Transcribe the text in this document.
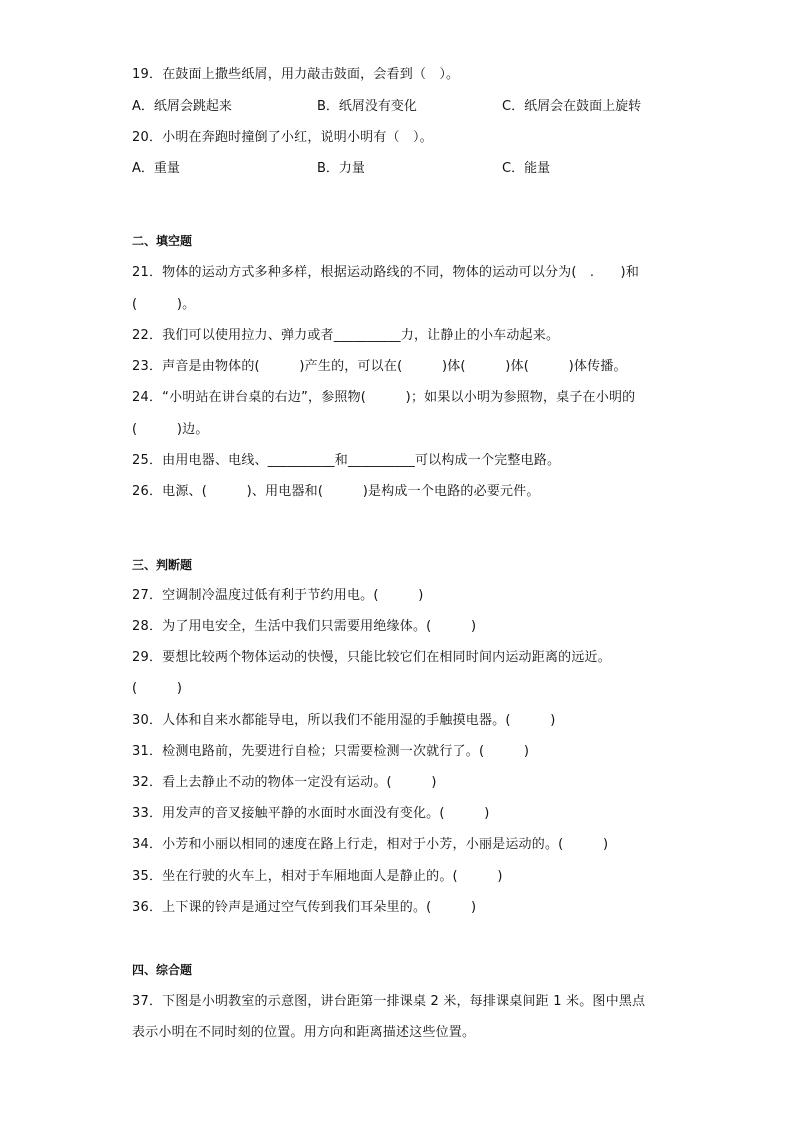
19．在鼓面上撒些纸屑，用力敲击鼓面，会看到（　）。
A．纸屑会跳起来	B．纸屑没有变化	C．纸屑会在鼓面上旋转
20．小明在奔跑时撞倒了小红，说明小明有（　）。
A．重量	B．力量	C．能量
二、填空题
21．物体的运动方式多种多样，根据运动路线的不同，物体的运动可以分为(　.　　)和
(　　　)。
22．我们可以使用拉力、弹力或者__________力，让静止的小车动起来。
23．声音是由物体的(　　　)产生的，可以在(　　　)体(　　　)体(　　　)体传播。
24．“小明站在讲台桌的右边”，参照物(　　　)；如果以小明为参照物，桌子在小明的
(　　　)边。
25．由用电器、电线、__________和__________可以构成一个完整电路。
26．电源、(　　　)、用电器和(　　　)是构成一个电路的必要元件。
三、判断题
27．空调制冷温度过低有利于节约用电。(　　　)
28．为了用电安全，生活中我们只需要用绝缘体。(　　　)
29．要想比较两个物体运动的快慢，只能比较它们在相同时间内运动距离的远近。
(　　　)
30．人体和自来水都能导电，所以我们不能用湿的手触摸电器。(　　　)
31．检测电路前，先要进行自检；只需要检测一次就行了。(　　　)
32．看上去静止不动的物体一定没有运动。(　　　)
33．用发声的音叉接触平静的水面时水面没有变化。(　　　)
34．小芳和小丽以相同的速度在路上行走，相对于小芳，小丽是运动的。(　　　)
35．坐在行驶的火车上，相对于车厢地面人是静止的。(　　　)
36．上下课的铃声是通过空气传到我们耳朵里的。(　　　)
四、综合题
37．下图是小明教室的示意图，讲台距第一排课桌 2 米，每排课桌间距 1 米。图中黑点
表示小明在不同时刻的位置。用方向和距离描述这些位置。
